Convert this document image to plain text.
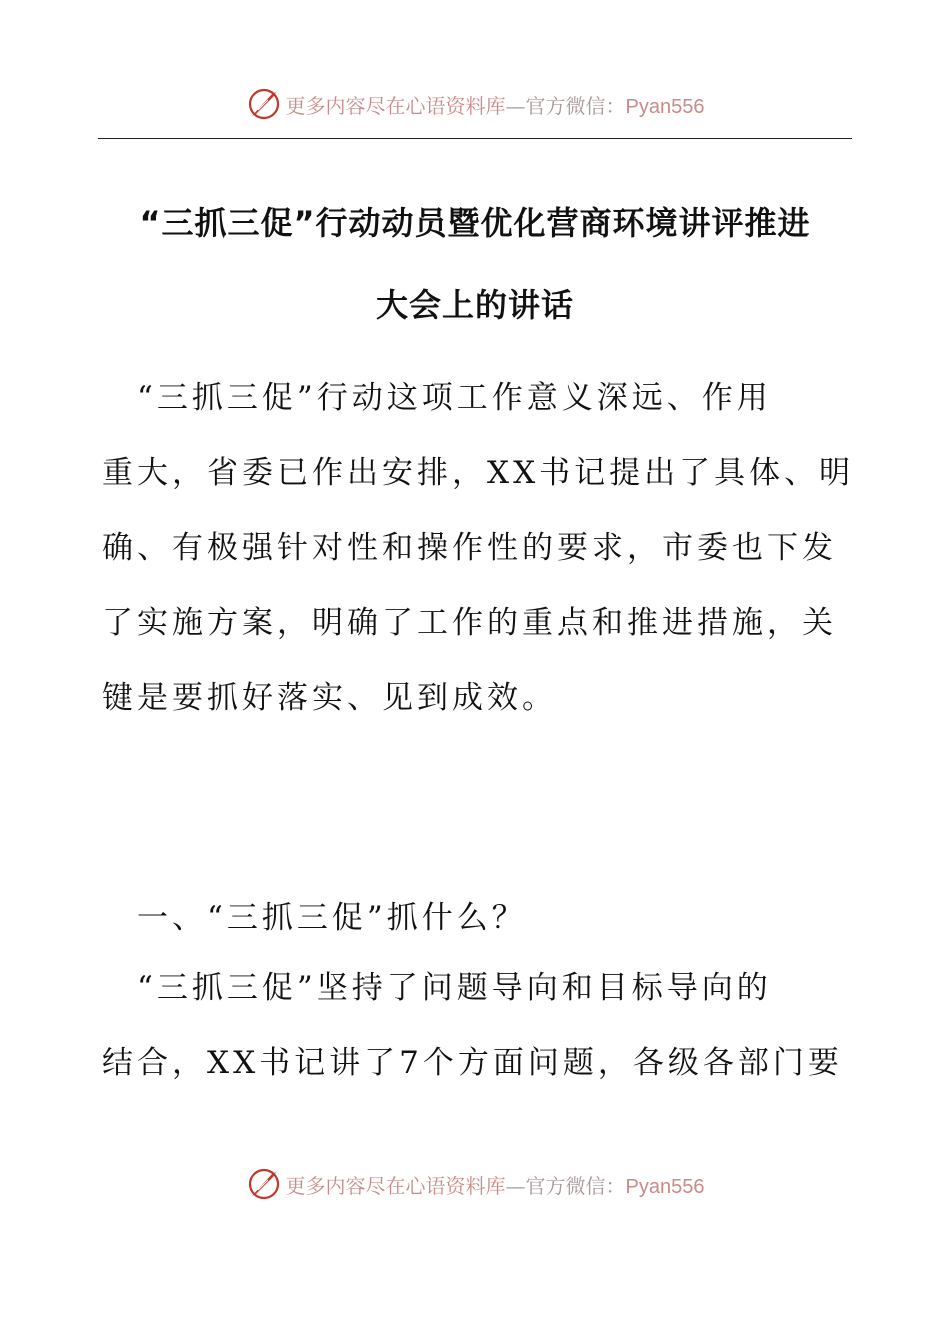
更多内容尽在心语资料库—官方微信：Pyan556
“三抓三促”行动动员暨优化营商环境讲评推进
大会上的讲话
　“三抓三促”行动这项工作意义深远、作用
重大，省委已作出安排，XX书记提出了具体、明
确、有极强针对性和操作性的要求，市委也下发
了实施方案，明确了工作的重点和推进措施，关
键是要抓好落实、见到成效。
　一、“三抓三促”抓什么？
　“三抓三促”坚持了问题导向和目标导向的
结合，XX书记讲了7个方面问题，各级各部门要
更多内容尽在心语资料库—官方微信：Pyan556
